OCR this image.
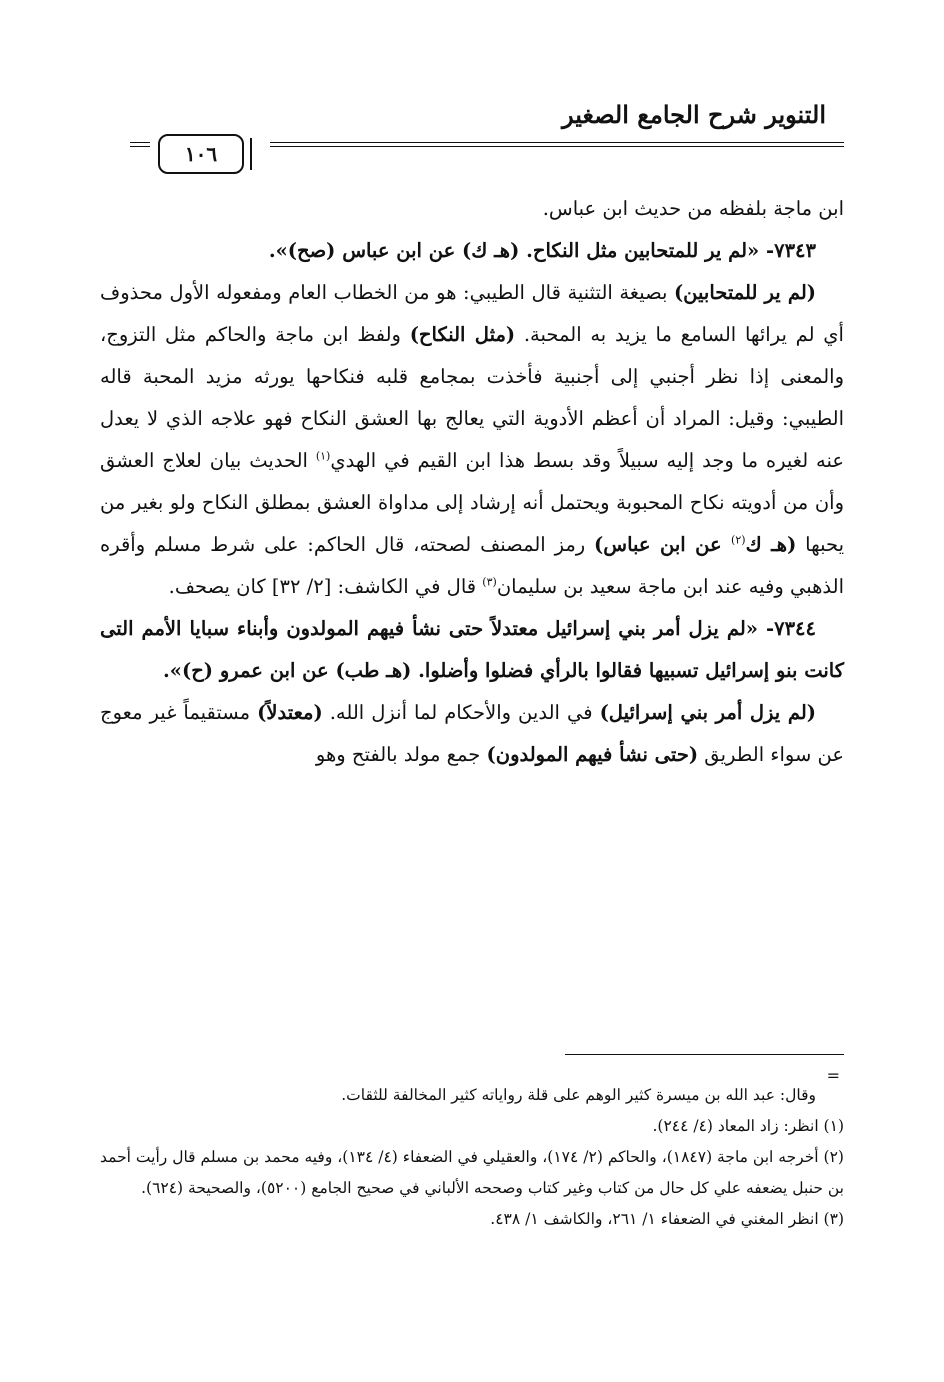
التنوير شرح الجامع الصغير
١٠٦

ابن ماجة بلفظه من حديث ابن عباس.

٧٣٤٣- «لم ير للمتحابين مثل النكاح. (هـ ك) عن ابن عباس (صح)».

(لم ير للمتحابين) بصيغة التثنية قال الطيبي: هو من الخطاب العام ومفعوله الأول محذوف أي لم يرائها السامع ما يزيد به المحبة. (مثل النكاح) ولفظ ابن ماجة والحاكم مثل التزوج، والمعنى إذا نظر أجنبي إلى أجنبية فأخذت بمجامع قلبه فنكاحها يورثه مزيد المحبة قاله الطيبي: وقيل: المراد أن أعظم الأدوية التي يعالج بها العشق النكاح فهو علاجه الذي لا يعدل عنه لغيره ما وجد إليه سبيلاً وقد بسط هذا ابن القيم في الهدي$^{(١)}$ الحديث بيان لعلاج العشق وأن من أدويته نكاح المحبوبة ويحتمل أنه إرشاد إلى مداواة العشق بمطلق النكاح ولو بغير من يحبها (هـ ك$^{(٢)}$ عن ابن عباس) رمز المصنف لصحته، قال الحاكم: على شرط مسلم وأقره الذهبي وفيه عند ابن ماجة سعيد بن سليمان$^{(٣)}$ قال في الكاشف: [٢/ ٣٢] كان يصحف.

٧٣٤٤- «لم يزل أمر بني إسرائيل معتدلاً حتى نشأ فيهم المولدون وأبناء سبايا الأمم التى كانت بنو إسرائيل تسبيها فقالوا بالرأي فضلوا وأضلوا. (هـ طب) عن ابن عمرو (ح)».

(لم يزل أمر بني إسرائيل) في الدين والأحكام لما أنزل الله. (معتدلاً) مستقيماً غير معوج عن سواء الطريق (حتى نشأ فيهم المولدون) جمع مولد بالفتح وهو

=

وقال: عبد الله بن ميسرة كثير الوهم على قلة رواياته كثير المخالفة للثقات.

(١) انظر: زاد المعاد (٤/ ٢٤٤).

(٢) أخرجه ابن ماجة (١٨٤٧)، والحاكم (٢/ ١٧٤)، والعقيلي في الضعفاء (٤/ ١٣٤)، وفيه محمد بن مسلم قال رأيت أحمد بن حنبل يضعفه علي كل حال من كتاب وغير كتاب وصححه الألباني في صحيح الجامع (٥٢٠٠)، والصحيحة (٦٢٤).

(٣) انظر المغني في الضعفاء ١/ ٢٦١، والكاشف ١/ ٤٣٨.
